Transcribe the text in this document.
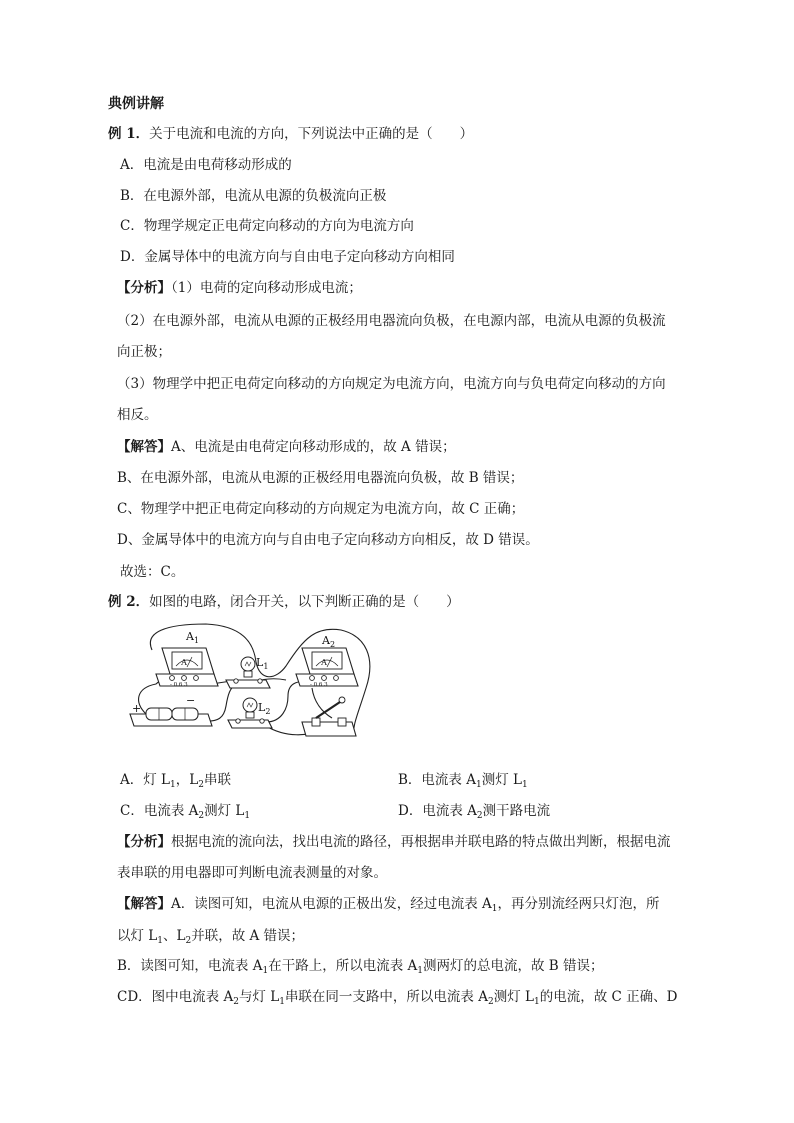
典例讲解
例 1．关于电流和电流的方向，下列说法中正确的是（　　）
A．电流是由电荷移动形成的
B．在电源外部，电流从电源的负极流向正极
C．物理学规定正电荷定向移动的方向为电流方向
D．金属导体中的电流方向与自由电子定向移动方向相同
【分析】（1）电荷的定向移动形成电流；
（2）在电源外部，电流从电源的正极经用电器流向负极，在电源内部，电流从电源的负极流
向正极；
（3）物理学中把正电荷定向移动的方向规定为电流方向，电流方向与负电荷定向移动的方向
相反。
【解答】A、电流是由电荷定向移动形成的，故 A 错误；
B、在电源外部，电流从电源的正极经用电器流向负极，故 B 错误；
C、物理学中把正电荷定向移动的方向规定为电流方向，故 C 正确；
D、金属导体中的电流方向与自由电子定向移动方向相反，故 D 错误。
故选：C。
例 2．如图的电路，闭合开关，以下判断正确的是（　　）
A
- 0.6 3
$A_1$
$L_1$	A
- 0.6 3
$A_2$
+
−
$L_2$
A．灯 $L_1$，$L_2$串联	B．电流表 $A_1$测灯 $L_1$
C．电流表 $A_2$测灯 $L_1$	D．电流表 $A_2$测干路电流
【分析】根据电流的流向法，找出电流的路径，再根据串并联电路的特点做出判断，根据电流
表串联的用电器即可判断电流表测量的对象。
【解答】A．读图可知，电流从电源的正极出发，经过电流表 $A_1$，再分别流经两只灯泡，所
以灯 $L_1$、$L_2$并联，故 A 错误；
B．读图可知，电流表 $A_1$在干路上，所以电流表 $A_1$测两灯的总电流，故 B 错误；
CD．图中电流表 $A_2$与灯 $L_1$串联在同一支路中，所以电流表 $A_2$测灯 $L_1$的电流，故 C 正确、D
